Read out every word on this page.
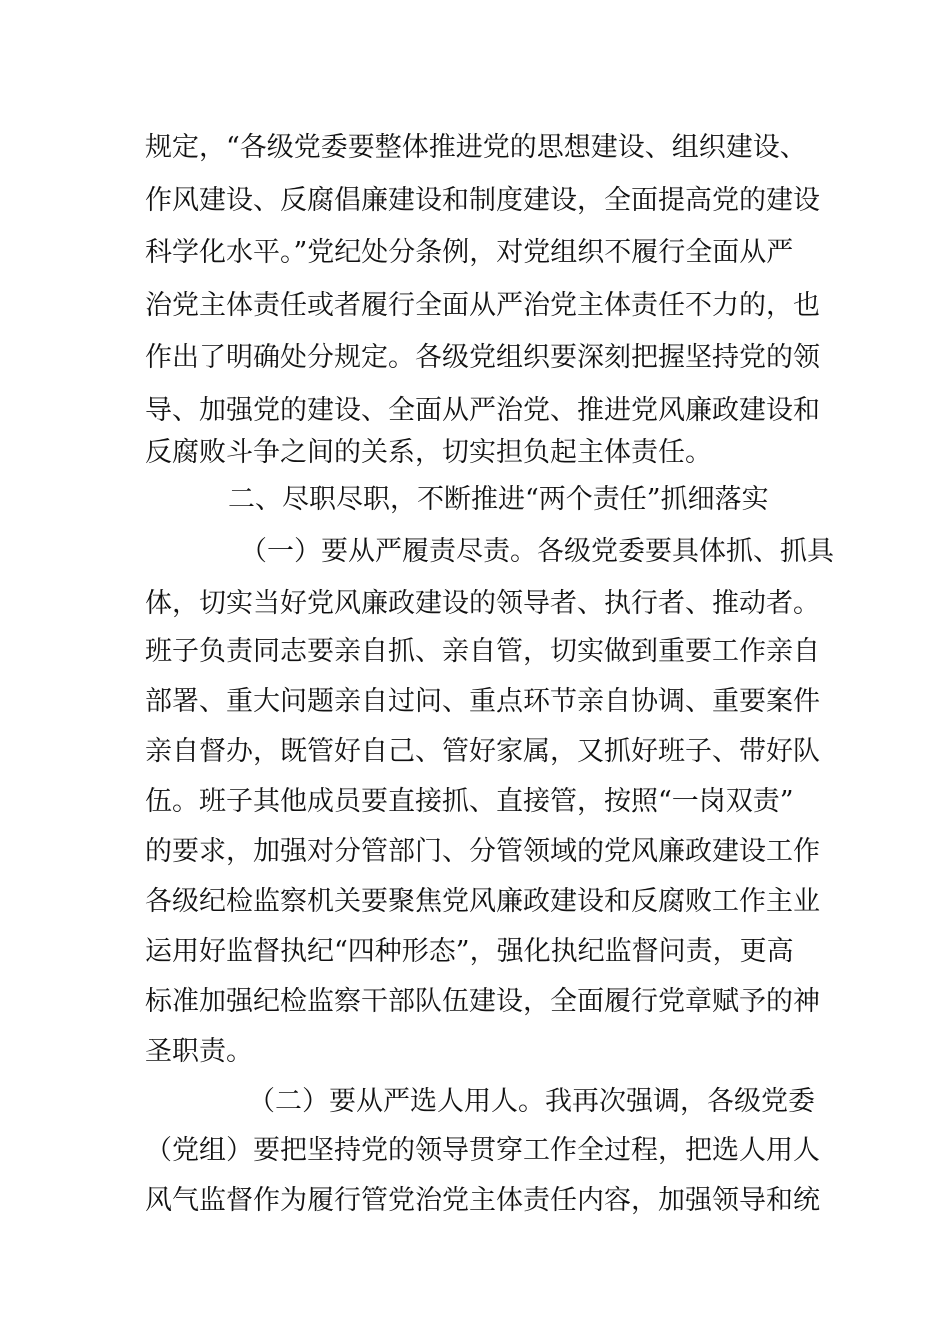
规定，“各级党委要整体推进党的思想建设、组织建设、
作风建设、反腐倡廉建设和制度建设，全面提高党的建设
科学化水平。”党纪处分条例，对党组织不履行全面从严
治党主体责任或者履行全面从严治党主体责任不力的，也
作出了明确处分规定。各级党组织要深刻把握坚持党的领
导、加强党的建设、全面从严治党、推进党风廉政建设和
反腐败斗争之间的关系，切实担负起主体责任。
二、尽职尽职，不断推进“两个责任”抓细落实
（一）要从严履责尽责。各级党委要具体抓、抓具
体，切实当好党风廉政建设的领导者、执行者、推动者。
班子负责同志要亲自抓、亲自管，切实做到重要工作亲自
部署、重大问题亲自过问、重点环节亲自协调、重要案件
亲自督办，既管好自己、管好家属，又抓好班子、带好队
伍。班子其他成员要直接抓、直接管，按照“一岗双责”
的要求，加强对分管部门、分管领域的党风廉政建设工作
各级纪检监察机关要聚焦党风廉政建设和反腐败工作主业
运用好监督执纪“四种形态”，强化执纪监督问责，更高
标准加强纪检监察干部队伍建设，全面履行党章赋予的神
圣职责。
（二）要从严选人用人。我再次强调，各级党委
（党组）要把坚持党的领导贯穿工作全过程，把选人用人
风气监督作为履行管党治党主体责任内容，加强领导和统
